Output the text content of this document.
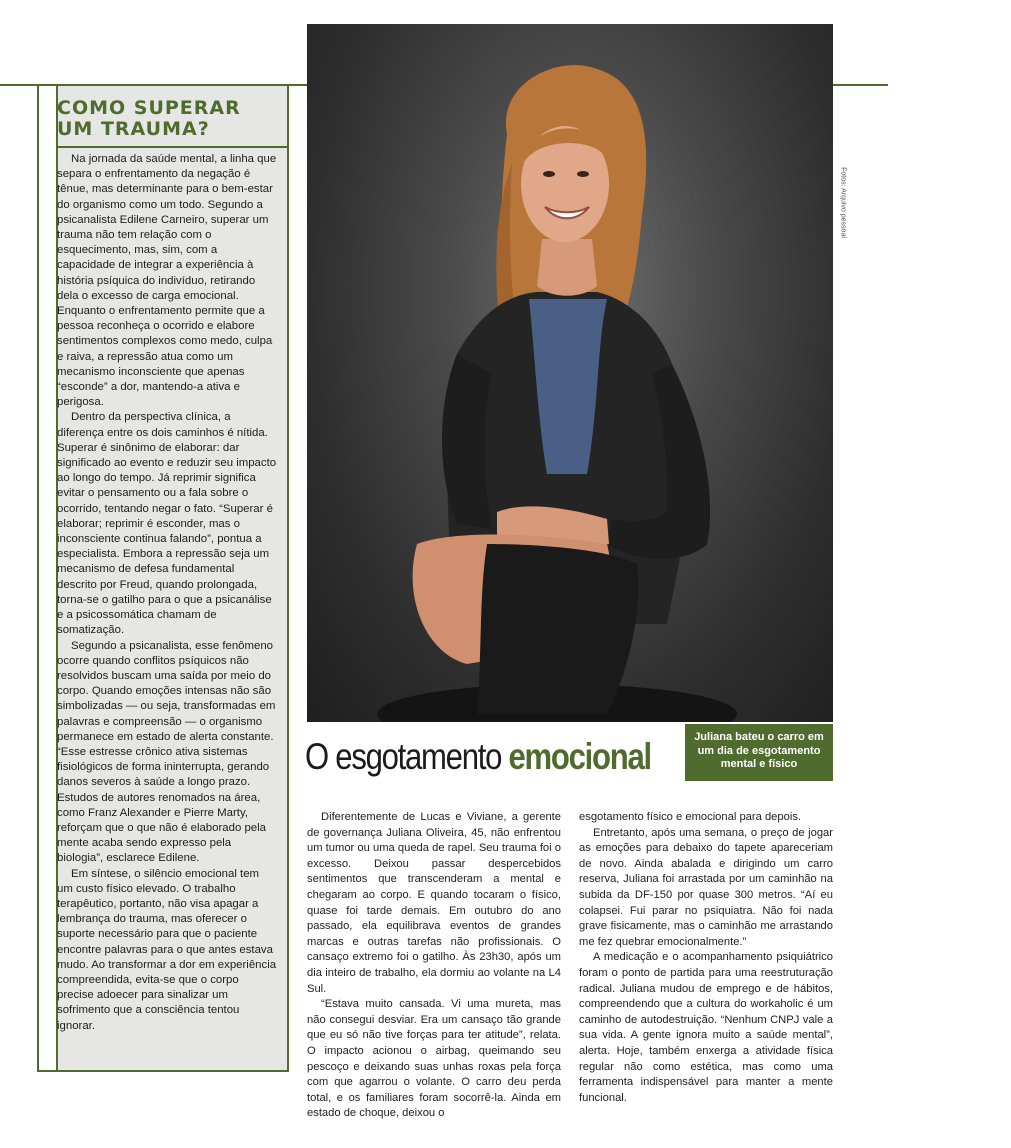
COMO SUPERAR
UM TRAUMA?

Na jornada da saúde mental, a linha que separa o enfrentamento da negação é tênue, mas determinante para o bem-estar do organismo como um todo. Segundo a psicanalista Edilene Carneiro, superar um trauma não tem relação com o esquecimento, mas, sim, com a capacidade de integrar a experiência à história psíquica do indivíduo, retirando dela o excesso de carga emocional. Enquanto o enfrentamento permite que a pessoa reconheça o ocorrido e elabore sentimentos complexos como medo, culpa e raiva, a repressão atua como um mecanismo inconsciente que apenas “esconde” a dor, mantendo-a ativa e perigosa.

Dentro da perspectiva clínica, a diferença entre os dois caminhos é nítida. Superar é sinônimo de elaborar: dar significado ao evento e reduzir seu impacto ao longo do tempo. Já reprimir significa evitar o pensamento ou a fala sobre o ocorrido, tentando negar o fato. “Superar é elaborar; reprimir é esconder, mas o inconsciente continua falando”, pontua a especialista. Embora a repressão seja um mecanismo de defesa fundamental descrito por Freud, quando prolongada, torna-se o gatilho para o que a psicanálise e a psicossomática chamam de somatização.

Segundo a psicanalista, esse fenômeno ocorre quando conflitos psíquicos não resolvidos buscam uma saída por meio do corpo. Quando emoções intensas não são simbolizadas — ou seja, transformadas em palavras e compreensão — o organismo permanece em estado de alerta constante. “Esse estresse crônico ativa sistemas fisiológicos de forma ininterrupta, gerando danos severos à saúde a longo prazo. Estudos de autores renomados na área, como Franz Alexander e Pierre Marty, reforçam que o que não é elaborado pela mente acaba sendo expresso pela biologia”, esclarece Edilene.

Em síntese, o silêncio emocional tem um custo físico elevado. O trabalho terapêutico, portanto, não visa apagar a lembrança do trauma, mas oferecer o suporte necessário para que o paciente encontre palavras para o que antes estava mudo. Ao transformar a dor em experiência compreendida, evita-se que o corpo precise adoecer para sinalizar um sofrimento que a consciência tentou ignorar.

Fotos: Arquivo pessoal
Juliana bateu o carro em um dia de esgotamento mental e físico
O esgotamento emocional

Diferentemente de Lucas e Viviane, a gerente de governança Juliana Oliveira, 45, não enfrentou um tumor ou uma queda de rapel. Seu trauma foi o excesso. Deixou passar despercebidos sentimentos que transcenderam a mental e chegaram ao corpo. E quando tocaram o físico, quase foi tarde demais. Em outubro do ano passado, ela equilibrava eventos de grandes marcas e outras tarefas não profissionais. O cansaço extremo foi o gatilho. Às 23h30, após um dia inteiro de trabalho, ela dormiu ao volante na L4 Sul.

“Estava muito cansada. Vi uma mureta, mas não consegui desviar. Era um cansaço tão grande que eu só não tive forças para ter atitude”, relata. O impacto acionou o airbag, queimando seu pescoço e deixando suas unhas roxas pela força com que agarrou o volante. O carro deu perda total, e os familiares foram socorrê-la. Ainda em estado de choque, deixou o

esgotamento físico e emocional para depois.

Entretanto, após uma semana, o preço de jogar as emoções para debaixo do tapete apareceriam de novo. Ainda abalada e dirigindo um carro reserva, Juliana foi arrastada por um caminhão na subida da DF-150 por quase 300 metros. “Aí eu colapsei. Fui parar no psiquiatra. Não foi nada grave fisicamente, mas o caminhão me arrastando me fez quebrar emocionalmente.”

A medicação e o acompanhamento psiquiátrico foram o ponto de partida para uma reestruturação radical. Juliana mudou de emprego e de hábitos, compreendendo que a cultura do workaholic é um caminho de autodestruição. “Nenhum CNPJ vale a sua vida. A gente ignora muito a saúde mental”, alerta. Hoje, também enxerga a atividade física regular não como estética, mas como uma ferramenta indispensável para manter a mente funcional.
